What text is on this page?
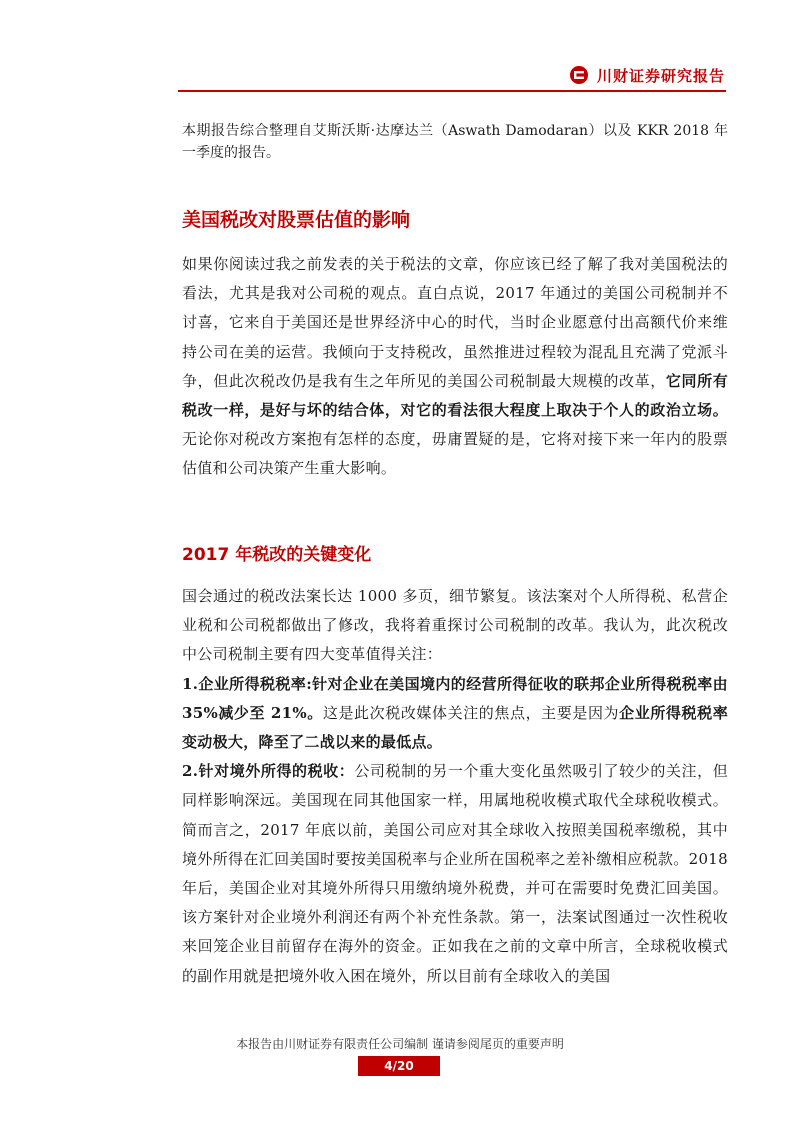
川财证券研究报告

本期报告综合整理自艾斯沃斯·达摩达兰（Aswath Damodaran）以及 KKR 2018 年一季度的报告。

美国税改对股票估值的影响

如果你阅读过我之前发表的关于税法的文章，你应该已经了解了我对美国税法的看法，尤其是我对公司税的观点。直白点说，2017 年通过的美国公司税制并不讨喜，它来自于美国还是世界经济中心的时代，当时企业愿意付出高额代价来维持公司在美的运营。我倾向于支持税改，虽然推进过程较为混乱且充满了党派斗争，但此次税改仍是我有生之年所见的美国公司税制最大规模的改革，它同所有税改一样，是好与坏的结合体，对它的看法很大程度上取决于个人的政治立场。无论你对税改方案抱有怎样的态度，毋庸置疑的是，它将对接下来一年内的股票估值和公司决策产生重大影响。

2017 年税改的关键变化
国会通过的税改法案长达 1000 多页，细节繁复。该法案对个人所得税、私营企业税和公司税都做出了修改，我将着重探讨公司税制的改革。我认为，此次税改中公司税制主要有四大变革值得关注：
1.企业所得税税率:针对企业在美国境内的经营所得征收的联邦企业所得税税率由 35%减少至 21%。这是此次税改媒体关注的焦点，主要是因为企业所得税税率变动极大，降至了二战以来的最低点。
2.针对境外所得的税收：公司税制的另一个重大变化虽然吸引了较少的关注，但同样影响深远。美国现在同其他国家一样，用属地税收模式取代全球税收模式。简而言之，2017 年底以前，美国公司应对其全球收入按照美国税率缴税，其中境外所得在汇回美国时要按美国税率与企业所在国税率之差补缴相应税款。2018 年后，美国企业对其境外所得只用缴纳境外税费，并可在需要时免费汇回美国。该方案针对企业境外利润还有两个补充性条款。第一，法案试图通过一次性税收来回笼企业目前留存在海外的资金。正如我在之前的文章中所言，全球税收模式的副作用就是把境外收入困在境外，所以目前有全球收入的美国
本报告由川财证券有限责任公司编制 谨请参阅尾页的重要声明
4/20
